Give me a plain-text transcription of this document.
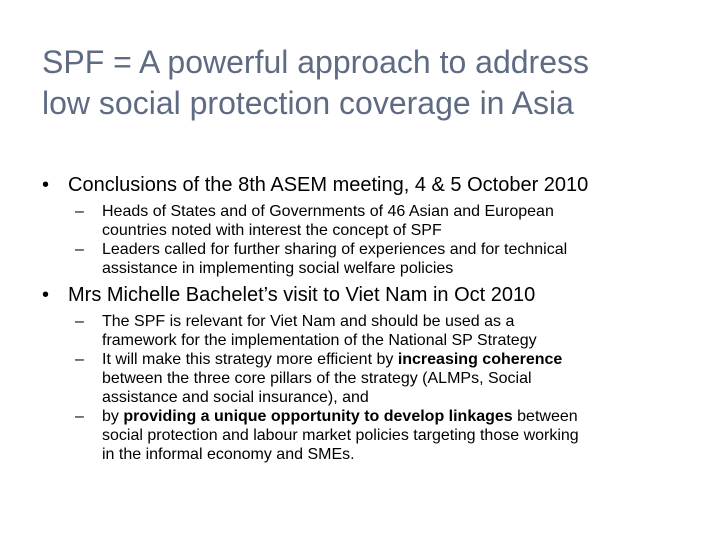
SPF = A powerful approach to address
low social protection coverage in Asia
• Conclusions of the 8th ASEM meeting, 4 & 5 October 2010
– Heads of States and of Governments of 46 Asian and European
countries noted with interest the concept of SPF
– Leaders called for further sharing of experiences and for technical
assistance in implementing social welfare policies
• Mrs Michelle Bachelet’s visit to Viet Nam in Oct 2010
– The SPF is relevant for Viet Nam and should be used as a
framework for the implementation of the National SP Strategy
– It will make this strategy more efficient by increasing coherence
between the three core pillars of the strategy (ALMPs, Social
assistance and social insurance), and
– by providing a unique opportunity to develop linkages between
social protection and labour market policies targeting those working
in the informal economy and SMEs.
